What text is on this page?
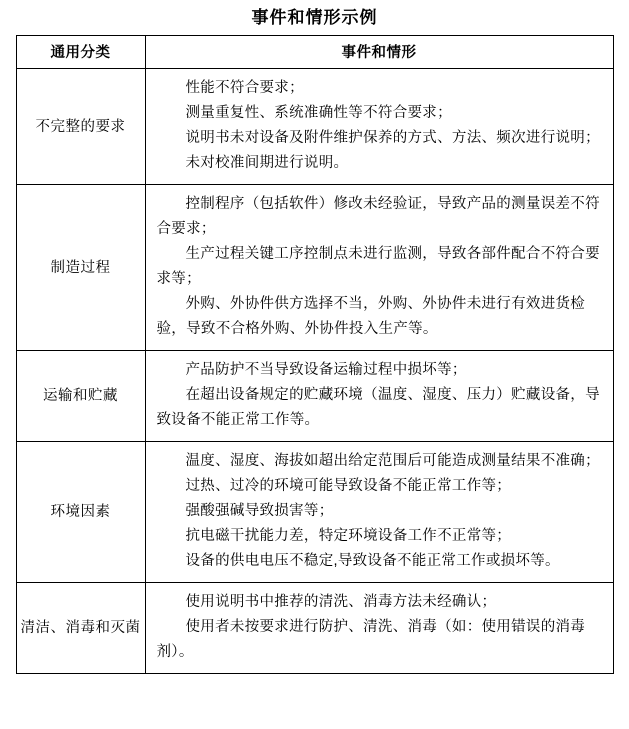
事件和情形示例
通用分类	事件和情形
不完整的要求	性能不符合要求；

测量重复性、系统准确性等不符合要求；

说明书未对设备及附件维护保养的方式、方法、频次进行说明；

未对校准间期进行说明。

制造过程	控制程序（包括软件）修改未经验证，导致产品的测量误差不符合要求；

生产过程关键工序控制点未进行监测，导致各部件配合不符合要求等；

外购、外协件供方选择不当，外购、外协件未进行有效进货检验，导致不合格外购、外协件投入生产等。

运输和贮藏	产品防护不当导致设备运输过程中损坏等；

在超出设备规定的贮藏环境（温度、湿度、压力）贮藏设备，导致设备不能正常工作等。

环境因素	温度、湿度、海拔如超出给定范围后可能造成测量结果不准确；

过热、过冷的环境可能导致设备不能正常工作等；

强酸强碱导致损害等；

抗电磁干扰能力差，特定环境设备工作不正常等；

设备的供电电压不稳定,导致设备不能正常工作或损坏等。

清洁、消毒和灭菌	使用说明书中推荐的清洗、消毒方法未经确认；

使用者未按要求进行防护、清洗、消毒（如：使用错误的消毒剂）。
